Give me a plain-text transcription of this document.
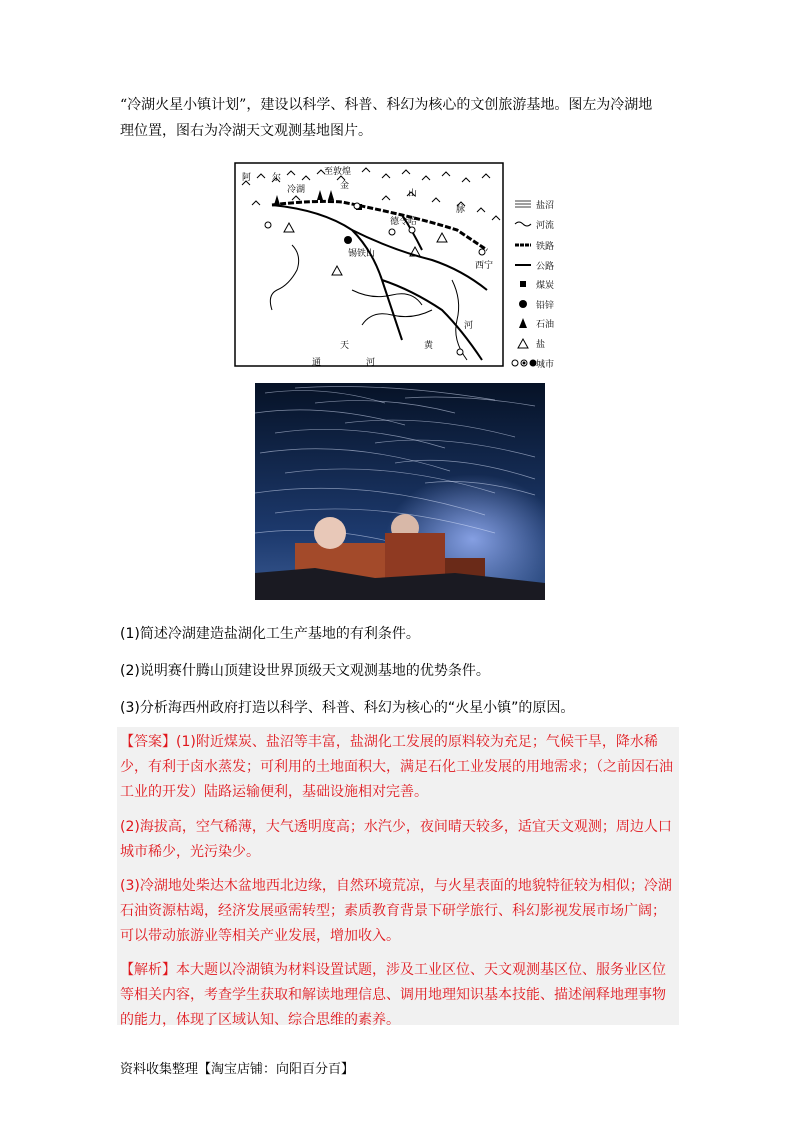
“冷湖火星小镇计划”，建设以科学、科普、科幻为核心的文创旅游基地。图左为冷湖地

理位置，图右为冷湖天文观测基地图片。

阿 尔
冷湖
至敦煌
金
山
脉
德令哈
锡铁山
西宁
河
通
天
河
黄
盐沼
河流
铁路
公路
煤炭
铅锌
石油
盐
城市
(1)简述冷湖建造盐湖化工生产基地的有利条件。
(2)说明赛什腾山顶建设世界顶级天文观测基地的优势条件。
(3)分析海西州政府打造以科学、科普、科幻为核心的“火星小镇”的原因。

【答案】(1)附近煤炭、盐沼等丰富，盐湖化工发展的原料较为充足；气候干旱，降水稀少，有利于卤水蒸发；可利用的土地面积大，满足石化工业发展的用地需求；（之前因石油工业的开发）陆路运输便利，基础设施相对完善。

(2)海拔高，空气稀薄，大气透明度高；水汽少，夜间晴天较多，适宜天文观测；周边人口城市稀少，光污染少。

(3)冷湖地处柴达木盆地西北边缘，自然环境荒凉，与火星表面的地貌特征较为相似；冷湖石油资源枯竭，经济发展亟需转型；素质教育背景下研学旅行、科幻影视发展市场广阔；可以带动旅游业等相关产业发展，增加收入。

【解析】本大题以冷湖镇为材料设置试题，涉及工业区位、天文观测基区位、服务业区位等相关内容，考查学生获取和解读地理信息、调用地理知识基本技能、描述阐释地理事物的能力，体现了区域认知、综合思维的素养。

资料收集整理【淘宝店铺：向阳百分百】
